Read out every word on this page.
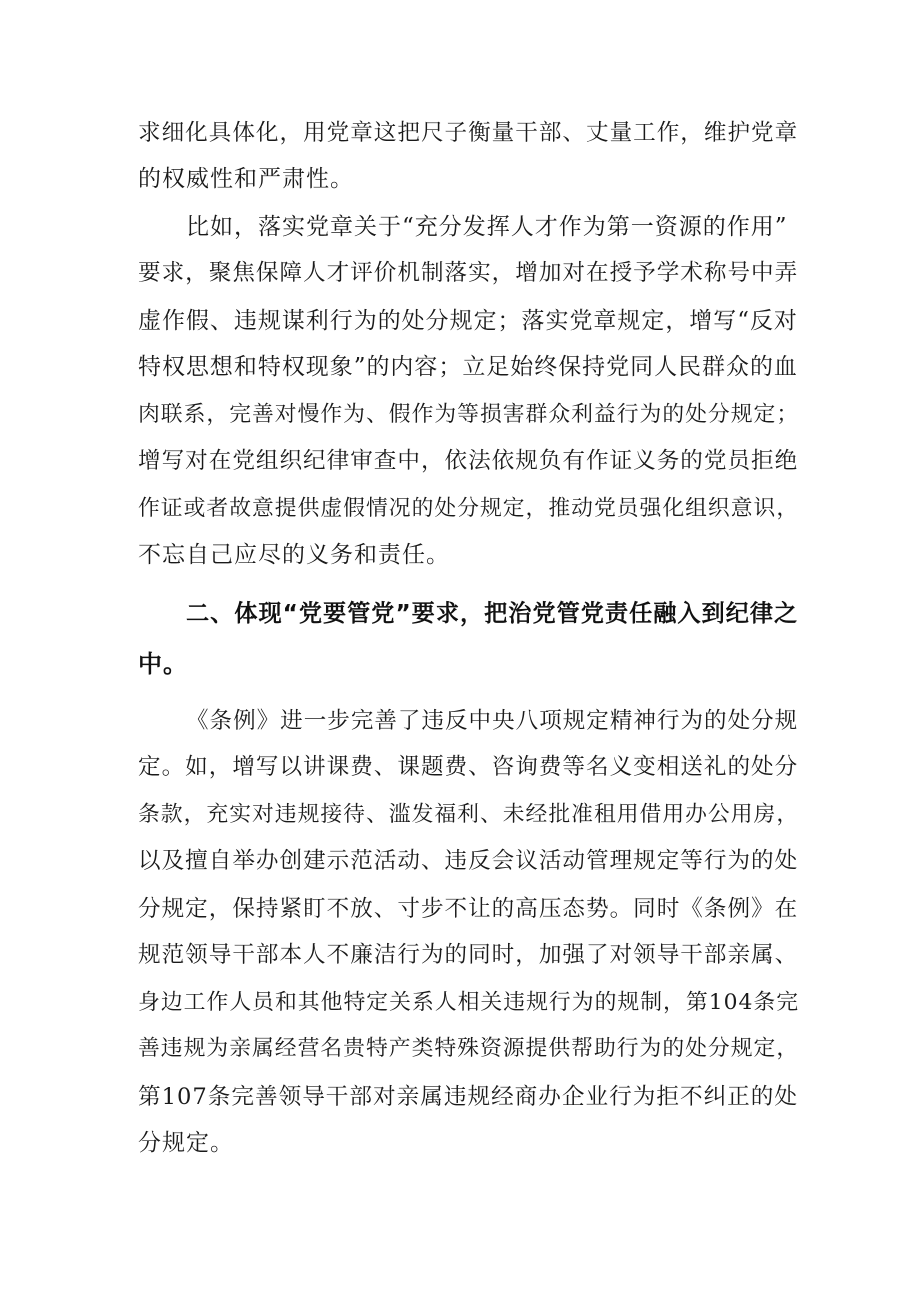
求细化具体化，用党章这把尺子衡量干部、丈量工作，维护党章

的权威性和严肃性。

比如，落实党章关于“充分发挥人才作为第一资源的作用”

要求，聚焦保障人才评价机制落实，增加对在授予学术称号中弄

虚作假、违规谋利行为的处分规定；落实党章规定，增写“反对

特权思想和特权现象”的内容；立足始终保持党同人民群众的血

肉联系，完善对慢作为、假作为等损害群众利益行为的处分规定；

增写对在党组织纪律审查中，依法依规负有作证义务的党员拒绝

作证或者故意提供虚假情况的处分规定，推动党员强化组织意识，

不忘自己应尽的义务和责任。

二、体现“党要管党”要求，把治党管党责任融入到纪律之

中。

《条例》进一步完善了违反中央八项规定精神行为的处分规

定。如，增写以讲课费、课题费、咨询费等名义变相送礼的处分

条款，充实对违规接待、滥发福利、未经批准租用借用办公用房，

以及擅自举办创建示范活动、违反会议活动管理规定等行为的处

分规定，保持紧盯不放、寸步不让的高压态势。同时《条例》在

规范领导干部本人不廉洁行为的同时，加强了对领导干部亲属、

身边工作人员和其他特定关系人相关违规行为的规制，第104条完

善违规为亲属经营名贵特产类特殊资源提供帮助行为的处分规定，

第107条完善领导干部对亲属违规经商办企业行为拒不纠正的处

分规定。
